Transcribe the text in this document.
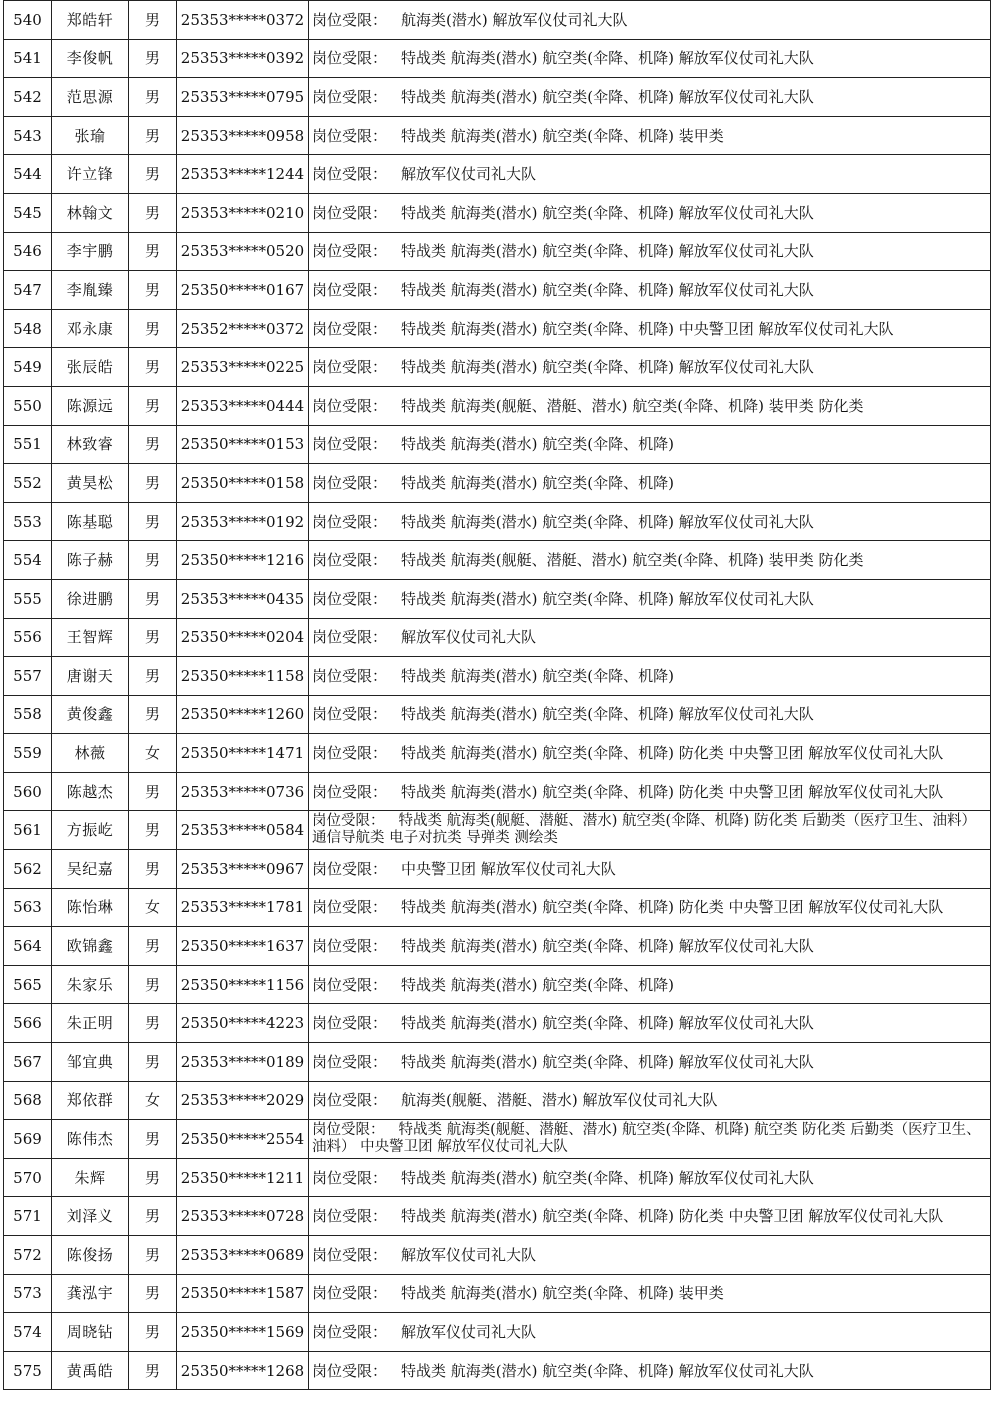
540	郑皓轩	男	25353*****0372	岗位受限： 航海类(潜水) 解放军仪仗司礼大队
541	李俊帆	男	25353*****0392	岗位受限： 特战类 航海类(潜水) 航空类(伞降、机降) 解放军仪仗司礼大队
542	范思源	男	25353*****0795	岗位受限： 特战类 航海类(潜水) 航空类(伞降、机降) 解放军仪仗司礼大队
543	张瑜	男	25353*****0958	岗位受限： 特战类 航海类(潜水) 航空类(伞降、机降) 装甲类
544	许立锋	男	25353*****1244	岗位受限： 解放军仪仗司礼大队
545	林翰文	男	25353*****0210	岗位受限： 特战类 航海类(潜水) 航空类(伞降、机降) 解放军仪仗司礼大队
546	李宇鹏	男	25353*****0520	岗位受限： 特战类 航海类(潜水) 航空类(伞降、机降) 解放军仪仗司礼大队
547	李胤臻	男	25350*****0167	岗位受限： 特战类 航海类(潜水) 航空类(伞降、机降) 解放军仪仗司礼大队
548	邓永康	男	25352*****0372	岗位受限： 特战类 航海类(潜水) 航空类(伞降、机降) 中央警卫团 解放军仪仗司礼大队
549	张辰皓	男	25353*****0225	岗位受限： 特战类 航海类(潜水) 航空类(伞降、机降) 解放军仪仗司礼大队
550	陈源远	男	25353*****0444	岗位受限： 特战类 航海类(舰艇、潜艇、潜水) 航空类(伞降、机降) 装甲类 防化类
551	林致睿	男	25350*****0153	岗位受限： 特战类 航海类(潜水) 航空类(伞降、机降)
552	黄昊松	男	25350*****0158	岗位受限： 特战类 航海类(潜水) 航空类(伞降、机降)
553	陈基聪	男	25353*****0192	岗位受限： 特战类 航海类(潜水) 航空类(伞降、机降) 解放军仪仗司礼大队
554	陈子赫	男	25350*****1216	岗位受限： 特战类 航海类(舰艇、潜艇、潜水) 航空类(伞降、机降) 装甲类 防化类
555	徐进鹏	男	25353*****0435	岗位受限： 特战类 航海类(潜水) 航空类(伞降、机降) 解放军仪仗司礼大队
556	王智辉	男	25350*****0204	岗位受限： 解放军仪仗司礼大队
557	唐谢天	男	25350*****1158	岗位受限： 特战类 航海类(潜水) 航空类(伞降、机降)
558	黄俊鑫	男	25350*****1260	岗位受限： 特战类 航海类(潜水) 航空类(伞降、机降) 解放军仪仗司礼大队
559	林薇	女	25350*****1471	岗位受限： 特战类 航海类(潜水) 航空类(伞降、机降) 防化类 中央警卫团 解放军仪仗司礼大队
560	陈越杰	男	25353*****0736	岗位受限： 特战类 航海类(潜水) 航空类(伞降、机降) 防化类 中央警卫团 解放军仪仗司礼大队
561	方振屹	男	25353*****0584	岗位受限： 特战类 航海类(舰艇、潜艇、潜水) 航空类(伞降、机降) 防化类 后勤类（医疗卫生、油料） 通信导航类 电子对抗类 导弹类 测绘类
562	吴纪嘉	男	25353*****0967	岗位受限： 中央警卫团 解放军仪仗司礼大队
563	陈怡琳	女	25353*****1781	岗位受限： 特战类 航海类(潜水) 航空类(伞降、机降) 防化类 中央警卫团 解放军仪仗司礼大队
564	欧锦鑫	男	25350*****1637	岗位受限： 特战类 航海类(潜水) 航空类(伞降、机降) 解放军仪仗司礼大队
565	朱家乐	男	25350*****1156	岗位受限： 特战类 航海类(潜水) 航空类(伞降、机降)
566	朱正明	男	25350*****4223	岗位受限： 特战类 航海类(潜水) 航空类(伞降、机降) 解放军仪仗司礼大队
567	邹宜典	男	25353*****0189	岗位受限： 特战类 航海类(潜水) 航空类(伞降、机降) 解放军仪仗司礼大队
568	郑依群	女	25353*****2029	岗位受限： 航海类(舰艇、潜艇、潜水) 解放军仪仗司礼大队
569	陈伟杰	男	25350*****2554	岗位受限： 特战类 航海类(舰艇、潜艇、潜水) 航空类(伞降、机降) 航空类 防化类 后勤类（医疗卫生、油料） 中央警卫团 解放军仪仗司礼大队
570	朱辉	男	25350*****1211	岗位受限： 特战类 航海类(潜水) 航空类(伞降、机降) 解放军仪仗司礼大队
571	刘泽义	男	25353*****0728	岗位受限： 特战类 航海类(潜水) 航空类(伞降、机降) 防化类 中央警卫团 解放军仪仗司礼大队
572	陈俊扬	男	25353*****0689	岗位受限： 解放军仪仗司礼大队
573	龚泓宇	男	25350*****1587	岗位受限： 特战类 航海类(潜水) 航空类(伞降、机降) 装甲类
574	周晓钻	男	25350*****1569	岗位受限： 解放军仪仗司礼大队
575	黄禹皓	男	25350*****1268	岗位受限： 特战类 航海类(潜水) 航空类(伞降、机降) 解放军仪仗司礼大队
